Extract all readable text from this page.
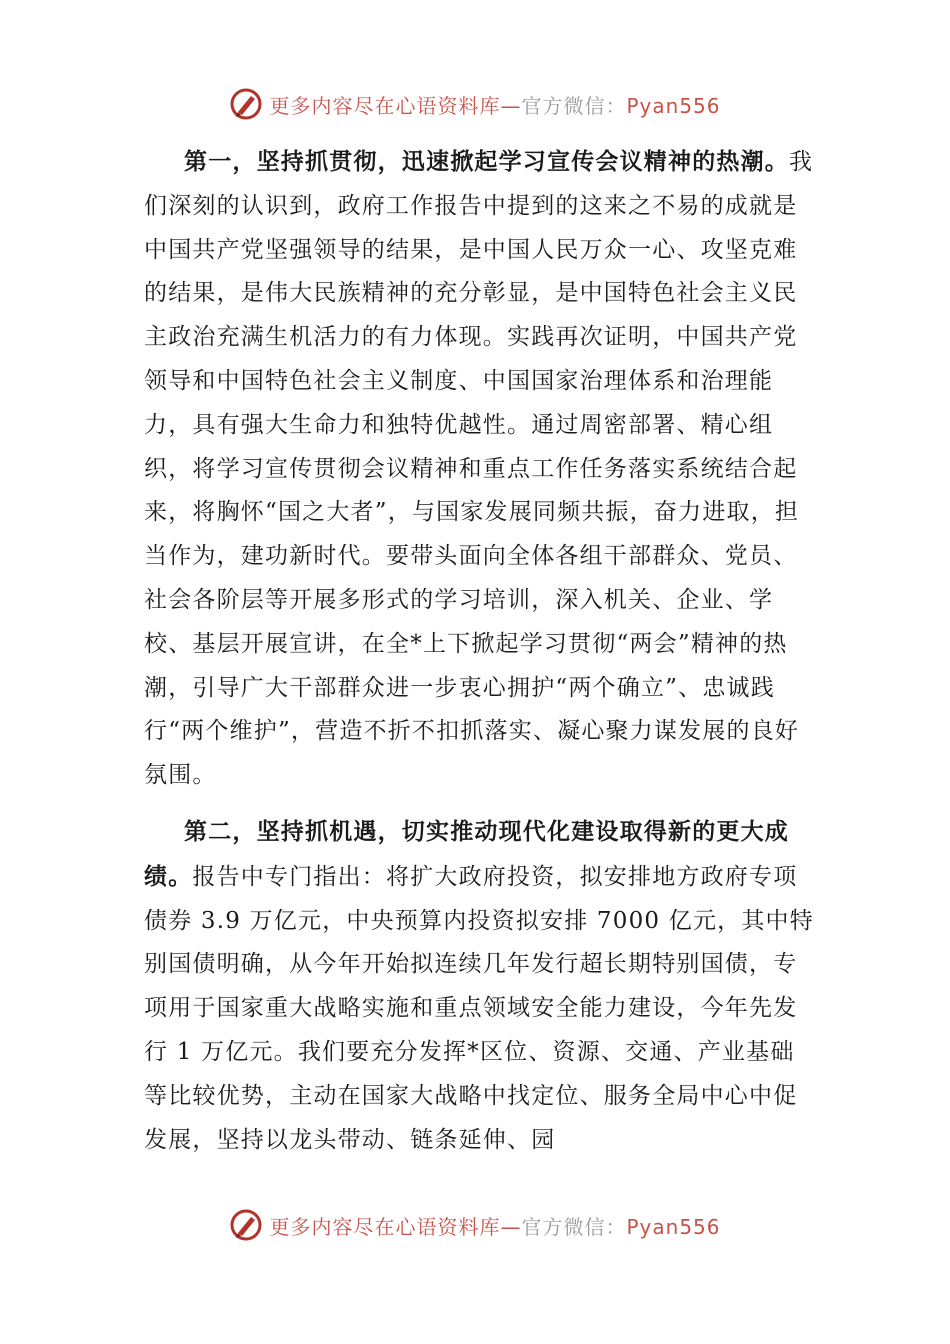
更多内容尽在心语资料库—官方微信：Pyan556

第一，坚持抓贯彻，迅速掀起学习宣传会议精神的热潮。我们深刻的认识到，政府工作报告中提到的这来之不易的成就是中国共产党坚强领导的结果，是中国人民万众一心、攻坚克难的结果，是伟大民族精神的充分彰显，是中国特色社会主义民主政治充满生机活力的有力体现。实践再次证明，中国共产党领导和中国特色社会主义制度、中国国家治理体系和治理能力，具有强大生命力和独特优越性。通过周密部署、精心组织，将学习宣传贯彻会议精神和重点工作任务落实系统结合起来，将胸怀“国之大者”，与国家发展同频共振，奋力进取，担当作为，建功新时代。要带头面向全体各组干部群众、党员、社会各阶层等开展多形式的学习培训，深入机关、企业、学校、基层开展宣讲，在全*上下掀起学习贯彻“两会”精神的热潮，引导广大干部群众进一步衷心拥护“两个确立”、忠诚践行“两个维护”，营造不折不扣抓落实、凝心聚力谋发展的良好氛围。

第二，坚持抓机遇，切实推动现代化建设取得新的更大成绩。报告中专门指出：将扩大政府投资，拟安排地方政府专项债券 3.9 万亿元，中央预算内投资拟安排 7000 亿元，其中特别国债明确，从今年开始拟连续几年发行超长期特别国债，专项用于国家重大战略实施和重点领域安全能力建设，今年先发行 1 万亿元。我们要充分发挥*区位、资源、交通、产业基础等比较优势，主动在国家大战略中找定位、服务全局中心中促发展，坚持以龙头带动、链条延伸、园

更多内容尽在心语资料库—官方微信：Pyan556
